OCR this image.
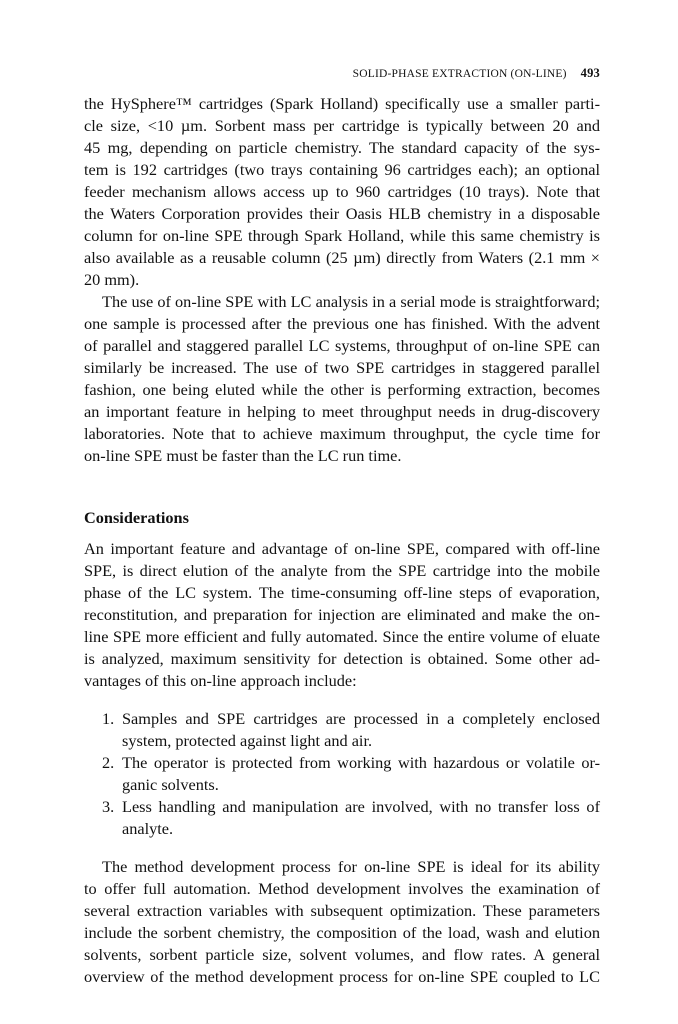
SOLID-PHASE EXTRACTION (ON-LINE) 493
the HySphere™ cartridges (Spark Holland) specifically use a smaller parti-
cle size, <10 µm. Sorbent mass per cartridge is typically between 20 and
45 mg, depending on particle chemistry. The standard capacity of the sys-
tem is 192 cartridges (two trays containing 96 cartridges each); an optional
feeder mechanism allows access up to 960 cartridges (10 trays). Note that
the Waters Corporation provides their Oasis HLB chemistry in a disposable
column for on-line SPE through Spark Holland, while this same chemistry is
also available as a reusable column (25 µm) directly from Waters (2.1 mm ×
20 mm).
The use of on-line SPE with LC analysis in a serial mode is straightforward;
one sample is processed after the previous one has finished. With the advent
of parallel and staggered parallel LC systems, throughput of on-line SPE can
similarly be increased. The use of two SPE cartridges in staggered parallel
fashion, one being eluted while the other is performing extraction, becomes
an important feature in helping to meet throughput needs in drug-discovery
laboratories. Note that to achieve maximum throughput, the cycle time for
on-line SPE must be faster than the LC run time.
Considerations
An important feature and advantage of on-line SPE, compared with off-line
SPE, is direct elution of the analyte from the SPE cartridge into the mobile
phase of the LC system. The time-consuming off-line steps of evaporation,
reconstitution, and preparation for injection are eliminated and make the on-
line SPE more efficient and fully automated. Since the entire volume of eluate
is analyzed, maximum sensitivity for detection is obtained. Some other ad-
vantages of this on-line approach include:
1. Samples and SPE cartridges are processed in a completely enclosed
system, protected against light and air.
2. The operator is protected from working with hazardous or volatile or-
ganic solvents.
3. Less handling and manipulation are involved, with no transfer loss of
analyte.
The method development process for on-line SPE is ideal for its ability
to offer full automation. Method development involves the examination of
several extraction variables with subsequent optimization. These parameters
include the sorbent chemistry, the composition of the load, wash and elution
solvents, sorbent particle size, solvent volumes, and flow rates. A general
overview of the method development process for on-line SPE coupled to LC
